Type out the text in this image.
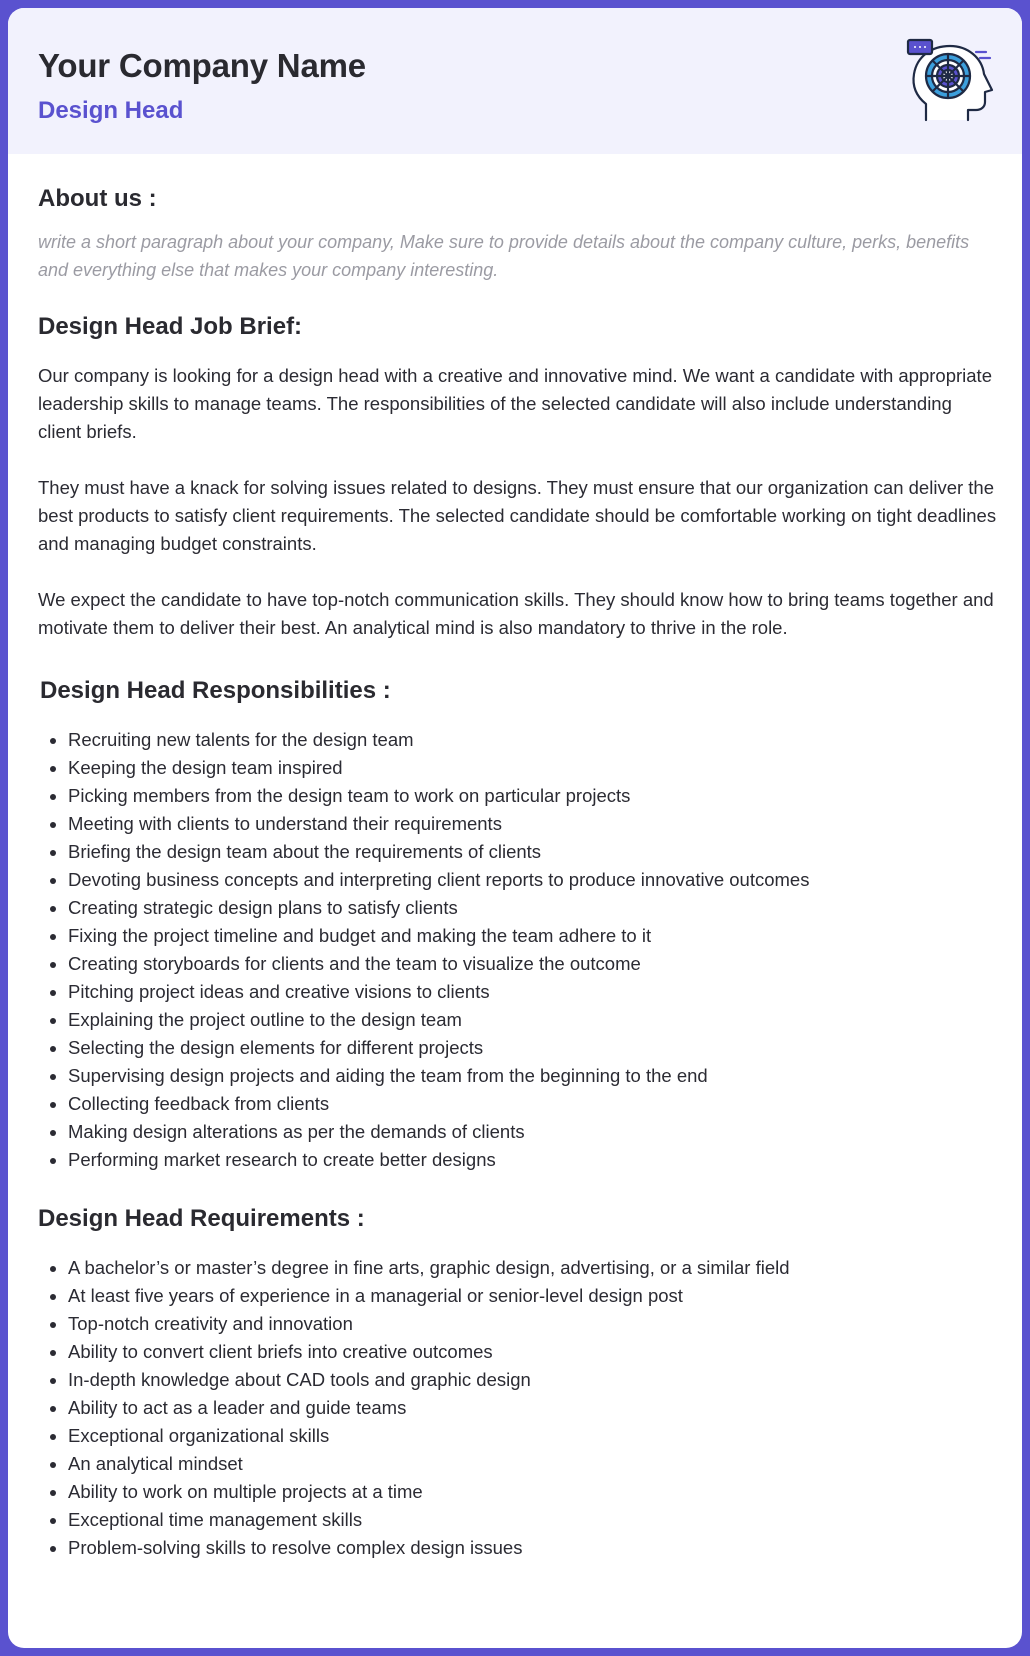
Your Company Name
Design Head
About us :

write a short paragraph about your company, Make sure to provide details about the company culture, perks, benefits and everything else that makes your company interesting.

Design Head Job Brief:

Our company is looking for a design head with a creative and innovative mind. We want a candidate with appropriate leadership skills to manage teams. The responsibilities of the selected candidate will also include understanding client briefs.

They must have a knack for solving issues related to designs. They must ensure that our organization can deliver the best products to satisfy client requirements. The selected candidate should be comfortable working on tight deadlines and managing budget constraints.

We expect the candidate to have top-notch communication skills. They should know how to bring teams together and motivate them to deliver their best. An analytical mind is also mandatory to thrive in the role.

Design Head Responsibilities :
Recruiting new talents for the design team
Keeping the design team inspired
Picking members from the design team to work on particular projects
Meeting with clients to understand their requirements
Briefing the design team about the requirements of clients
Devoting business concepts and interpreting client reports to produce innovative outcomes
Creating strategic design plans to satisfy clients
Fixing the project timeline and budget and making the team adhere to it
Creating storyboards for clients and the team to visualize the outcome
Pitching project ideas and creative visions to clients
Explaining the project outline to the design team
Selecting the design elements for different projects
Supervising design projects and aiding the team from the beginning to the end
Collecting feedback from clients
Making design alterations as per the demands of clients
Performing market research to create better designs
Design Head Requirements :
A bachelor’s or master’s degree in fine arts, graphic design, advertising, or a similar field
At least five years of experience in a managerial or senior-level design post
Top-notch creativity and innovation
Ability to convert client briefs into creative outcomes
In-depth knowledge about CAD tools and graphic design
Ability to act as a leader and guide teams
Exceptional organizational skills
An analytical mindset
Ability to work on multiple projects at a time
Exceptional time management skills
Problem-solving skills to resolve complex design issues
